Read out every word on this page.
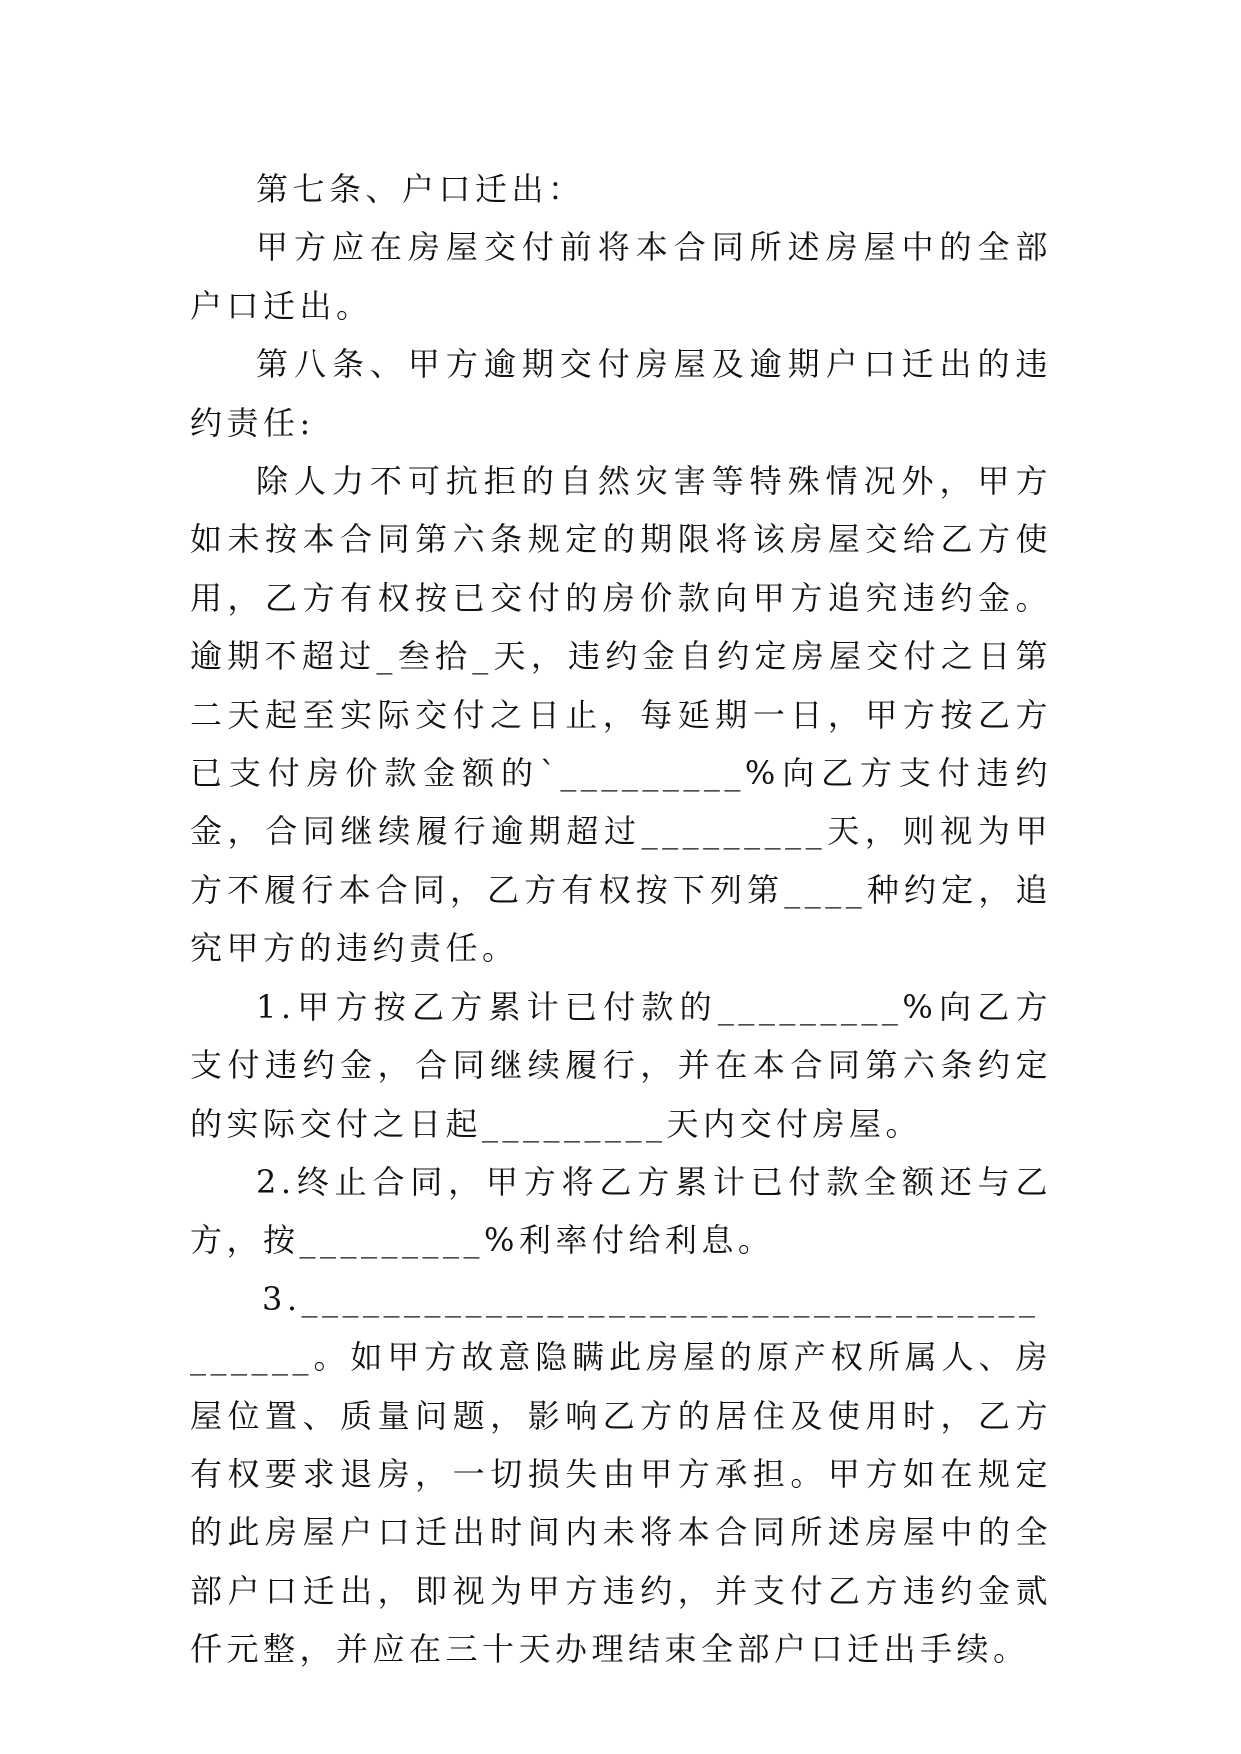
第七条、户口迁出：

甲方应在房屋交付前将本合同所述房屋中的全部户口迁出。

第八条、甲方逾期交付房屋及逾期户口迁出的违约责任:

除人力不可抗拒的自然灾害等特殊情况外，甲方如未按本合同第六条规定的期限将该房屋交给乙方使用，乙方有权按已交付的房价款向甲方追究违约金。逾期不超过_叁拾_天，违约金自约定房屋交付之日第二天起至实际交付之日止，每延期一日，甲方按乙方已支付房价款金额的`_________%向乙方支付违约金，合同继续履行逾期超过_________天，则视为甲方不履行本合同，乙方有权按下列第____种约定，追究甲方的违约责任。

1.甲方按乙方累计已付款的_________%向乙方支付违约金，合同继续履行，并在本合同第六条约定的实际交付之日起_________天内交付房屋。

2.终止合同，甲方将乙方累计已付款全额还与乙方，按_________%利率付给利息。

3.__________________________________________。如甲方故意隐瞒此房屋的原产权所属人、房屋位置、质量问题，影响乙方的居住及使用时，乙方有权要求退房，一切损失由甲方承担。甲方如在规定的此房屋户口迁出时间内未将本合同所述房屋中的全部户口迁出，即视为甲方违约，并支付乙方违约金贰仟元整，并应在三十天办理结束全部户口迁出手续。
